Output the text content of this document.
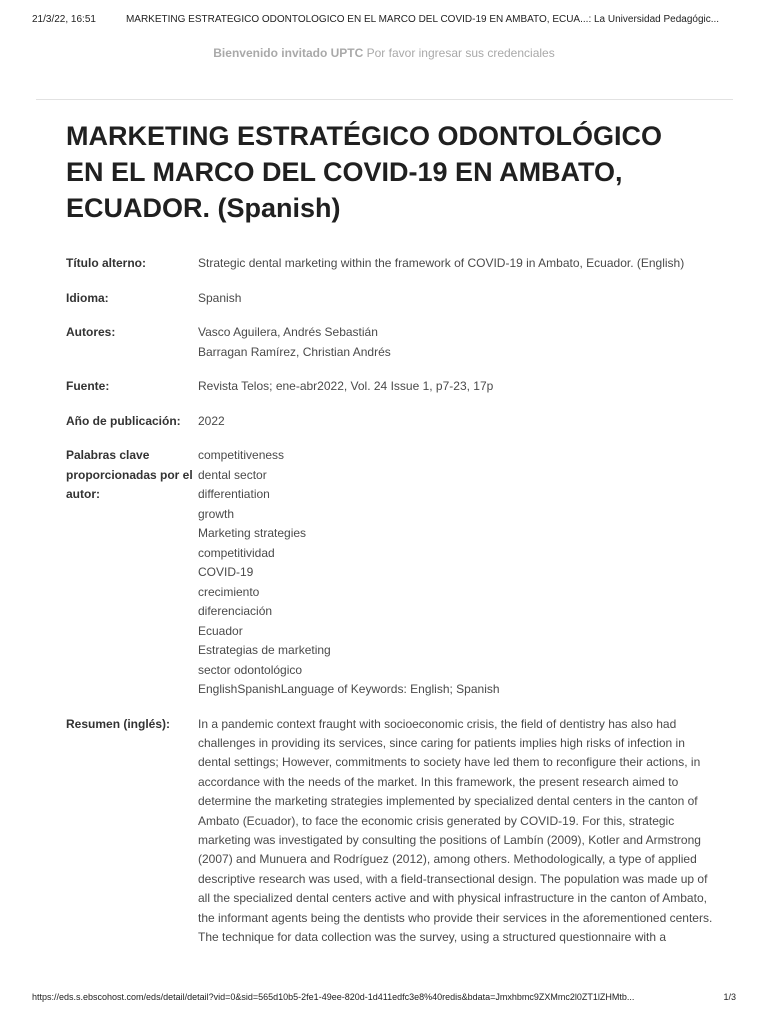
21/3/22, 16:51	MARKETING ESTRATÉGICO ODONTOLÓGICO EN EL MARCO DEL COVID-19 EN AMBATO, ECUA...: La Universidad Pedagógic...
Bienvenido invitado UPTC Por favor ingresar sus credenciales
MARKETING ESTRATÉGICO ODONTOLÓGICO EN EL MARCO DEL COVID-19 EN AMBATO, ECUADOR. (Spanish)
Título alterno:	Strategic dental marketing within the framework of COVID-19 in Ambato, Ecuador. (English)
Idioma:	Spanish
Autores:	Vasco Aguilera, Andrés Sebastián
Barragan Ramírez, Christian Andrés
Fuente:	Revista Telos; ene-abr2022, Vol. 24 Issue 1, p7-23, 17p
Año de publicación:	2022
Palabras clave proporcionadas por el autor:
competitiveness
dental sector
differentiation
growth
Marketing strategies
competitividad
COVID-19
crecimiento
diferenciación
Ecuador
Estrategias de marketing
sector odontológico
EnglishSpanishLanguage of Keywords: English; Spanish
Resumen (inglés):	In a pandemic context fraught with socioeconomic crisis, the field of dentistry has also had challenges in providing its services, since caring for patients implies high risks of infection in dental settings; However, commitments to society have led them to reconfigure their actions, in accordance with the needs of the market. In this framework, the present research aimed to determine the marketing strategies implemented by specialized dental centers in the canton of Ambato (Ecuador), to face the economic crisis generated by COVID-19. For this, strategic marketing was investigated by consulting the positions of Lambín (2009), Kotler and Armstrong (2007) and Munuera and Rodríguez (2012), among others. Methodologically, a type of applied descriptive research was used, with a field-transectional design. The population was made up of all the specialized dental centers active and with physical infrastructure in the canton of Ambato, the informant agents being the dentists who provide their services in the aforementioned centers. The technique for data collection was the survey, using a structured questionnaire with a
https://eds.s.ebscohost.com/eds/detail/detail?vid=0&sid=565d10b5-2fe1-49ee-820d-1d411edfc3e8%40redis&bdata=Jmxhbmc9ZXMmc2l0ZT1lZHMtb...	1/3
